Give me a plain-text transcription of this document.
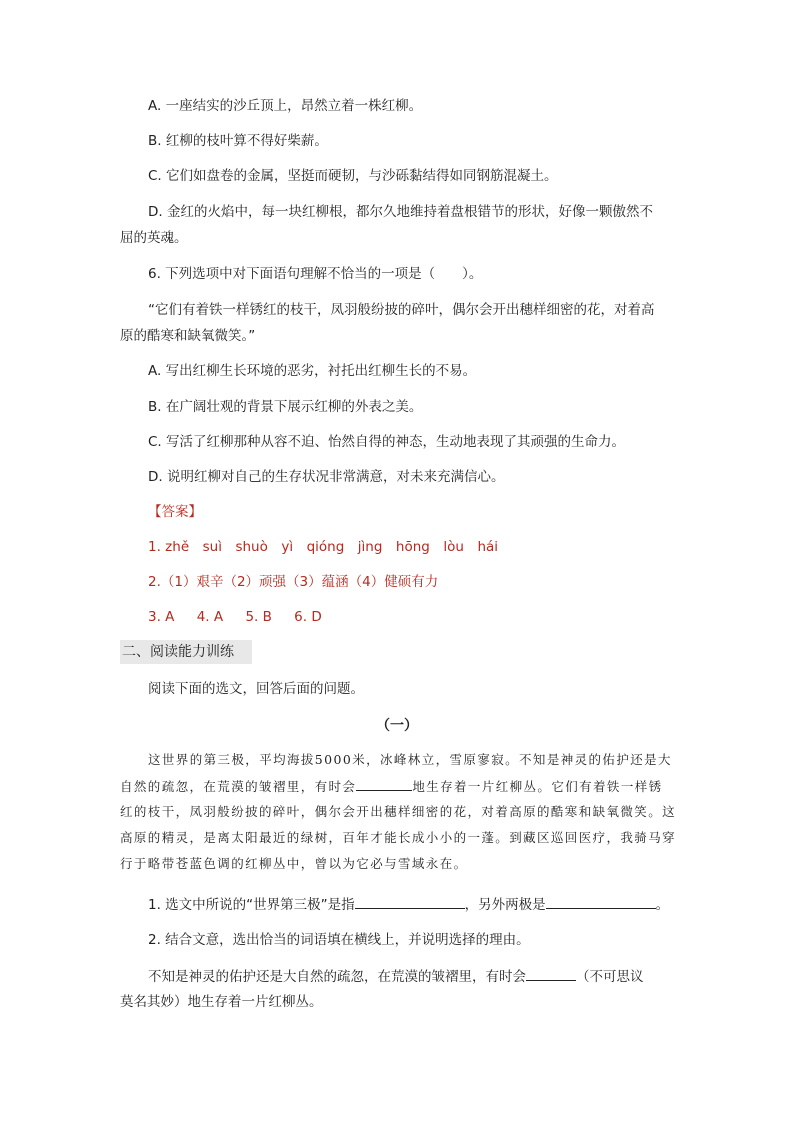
A. 一座结实的沙丘顶上，昂然立着一株红柳。
B. 红柳的枝叶算不得好柴薪。
C. 它们如盘卷的金属，坚挺而硬韧，与沙砾黏结得如同钢筋混凝土。
D. 金红的火焰中，每一块红柳根，都尔久地维持着盘根错节的形状，好像一颗傲然不
屈的英魂。
6. 下列选项中对下面语句理解不恰当的一项是（　　）。
“它们有着铁一样锈红的枝干，凤羽般纷披的碎叶，偶尔会开出穗样细密的花，对着高
原的酷寒和缺氧微笑。”
A. 写出红柳生长环境的恶劣，衬托出红柳生长的不易。
B. 在广阔壮观的背景下展示红柳的外表之美。
C. 写活了红柳那种从容不迫、怡然自得的神态，生动地表现了其顽强的生命力。
D. 说明红柳对自己的生存状况非常满意，对未来充满信心。
【答案】
1. zhě　suì　shuò　yì　qióng　jìng　hōng　lòu　hái
2.（1）艰辛（2）顽强（3）蕴涵（4）健硕有力
3. A 4. A 5. B 6. D
二、阅读能力训练
阅读下面的选文，回答后面的问题。
（一）
这世界的第三极，平均海拔5000米，冰峰林立，雪原寥寂。不知是神灵的佑护还是大
自然的疏忽，在荒漠的皱褶里，有时会	地生存着一片红柳丛。它们有着铁一样锈
红的枝干，凤羽般纷披的碎叶，偶尔会开出穗样细密的花，对着高原的酷寒和缺氧微笑。这
高原的精灵，是离太阳最近的绿树，百年才能长成小小的一蓬。到藏区巡回医疗，我骑马穿
行于略带苍蓝色调的红柳丛中，曾以为它必与雪域永在。
1. 选文中所说的“世界第三极”是指	，另外两极是	。
2. 结合文意，选出恰当的词语填在横线上，并说明选择的理由。
不知是神灵的佑护还是大自然的疏忽，在荒漠的皱褶里，有时会	（不可思议
莫名其妙）地生存着一片红柳丛。
